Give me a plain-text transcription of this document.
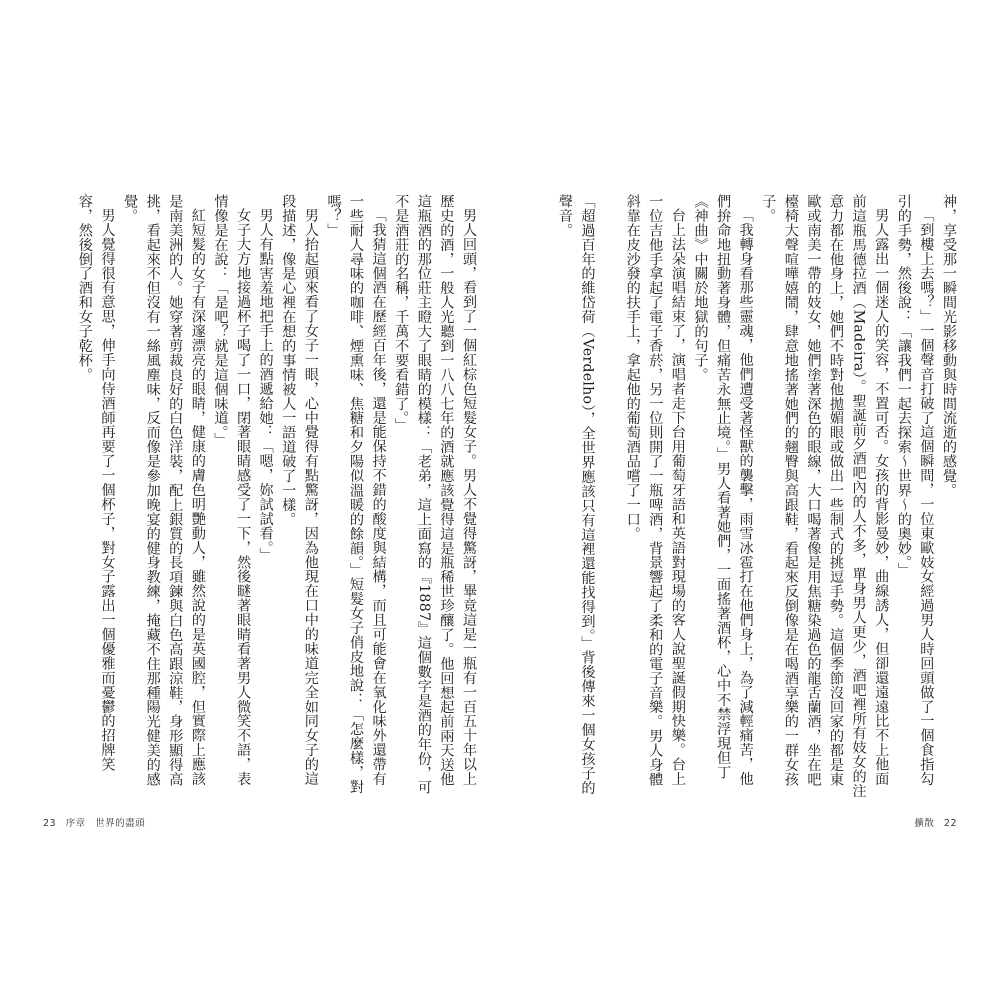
神，享受那一瞬間光影移動與時間流逝的感覺。

「到樓上去嗎？」一個聲音打破了這個瞬間，一位東歐妓女經過男人時回頭做了一個食指勾引的手勢，然後說：「讓我們一起去探索～世界～的奧妙。」

男人露出一個迷人的笑容，不置可否。女孩的背影曼妙，曲線誘人，但卻還遠遠比不上他面前這瓶馬德拉酒（Madeira）。聖誕前夕酒吧內的人不多，單身男人更少，酒吧裡所有妓女的注意力都在他身上，她們不時對他拋媚眼或做出一些制式的挑逗手勢。這個季節沒回家的都是東歐或南美一帶的妓女，她們塗著深色的眼線，大口喝著像是用焦糖染過色的龍舌蘭酒，坐在吧檯椅大聲喧嘩嬉鬧，肆意地搖著她們的翹臀與高跟鞋，看起來反倒像是在喝酒享樂的一群女孩子。

「我轉身看那些靈魂，他們遭受著怪獸的襲擊，雨雪冰雹打在他們身上，為了減輕痛苦，他們拚命地扭動著身體，但痛苦永無止境。」男人看著她們，一面搖著酒杯，心中不禁浮現但丁《神曲》中關於地獄的句子。

台上法朵演唱結束了，演唱者走下台用葡萄牙語和英語對現場的客人說聖誕假期快樂。台上一位吉他手拿起了電子香菸，另一位則開了一瓶啤酒，背景響起了柔和的電子音樂。男人身體斜靠在皮沙發的扶手上，拿起他的葡萄酒品嚐了一口。

「超過百年的維岱荷（Verdelho），全世界應該只有這裡還能找得到。」背後傳來一個女孩子的聲音。

男人回頭，看到了一個紅棕色短髮女子。男人不覺得驚訝，畢竟這是一瓶有一百五十年以上歷史的酒，一般人光聽到一八八七年的酒就應該覺得這是瓶稀世珍釀了。他回想起前兩天送他這瓶酒的那位莊主瞪大了眼睛的模樣：「老弟，這上面寫的『1887』這個數字是酒的年份，可不是酒莊的名稱，千萬不要看錯了。」

「我猜這個酒在歷經百年後，還是能保持不錯的酸度與結構，而且可能會在氧化味外還帶有一些耐人尋味的咖啡、煙熏味、焦糖和夕陽似溫暖的餘韻。」短髮女子俏皮地說：「怎麼樣，對嗎？」

男人抬起頭來看了女子一眼，心中覺得有點驚訝，因為他現在口中的味道完全如同女子的這段描述，像是心裡在想的事情被人一語道破了一樣。

男人有點害羞地把手上的酒遞給她：「嗯，妳試試看。」

女子大方地接過杯子喝了一口，閉著眼睛感受了一下，然後瞇著眼睛看著男人微笑不語，表情像是在說：「是吧？就是這個味道。」

紅短髮的女子有深邃漂亮的眼睛，健康的膚色明艷動人，雖然說的是英國腔，但實際上應該是南美洲的人。她穿著剪裁良好的白色洋裝，配上銀質的長項鍊與白色高跟涼鞋，身形顯得高挑，看起來不但沒有一絲風塵味，反而像是參加晚宴的健身教練，掩藏不住那種陽光健美的感覺。

男人覺得很有意思，伸手向侍酒師再要了一個杯子，對女子露出一個優雅而憂鬱的招牌笑容，然後倒了酒和女子乾杯。

23 序章 世界的盡頭	擴散 22
